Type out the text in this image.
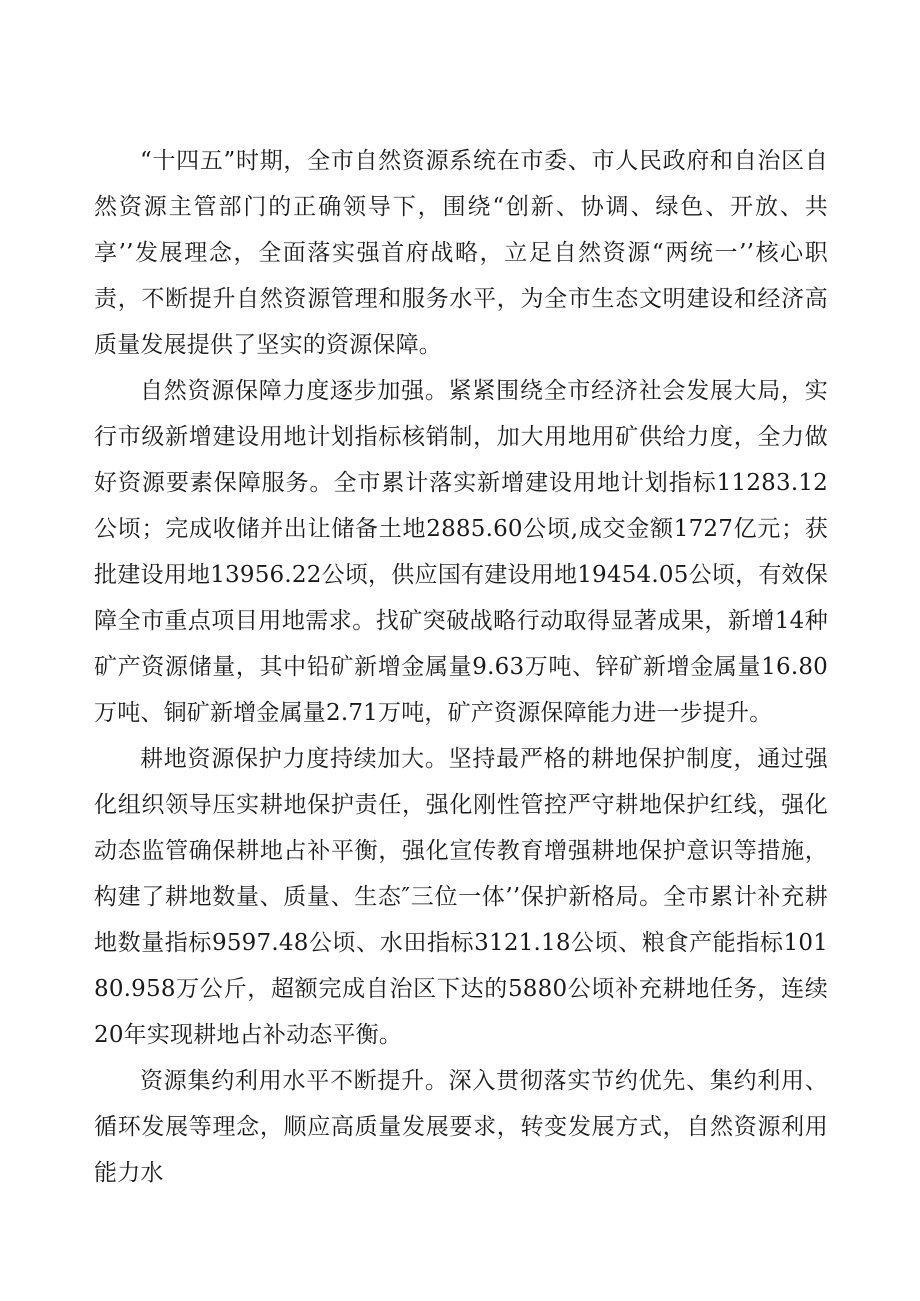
“十四五”时期，全市自然资源系统在市委、市人民政府和自治区自然资源主管部门的正确领导下，围绕“创新、协调、绿色、开放、共享’’发展理念，全面落实强首府战略，立足自然资源“两统一’’核心职责，不断提升自然资源管理和服务水平，为全市生态文明建设和经济高质量发展提供了坚实的资源保障。

自然资源保障力度逐步加强。紧紧围绕全市经济社会发展大局，实行市级新增建设用地计划指标核销制，加大用地用矿供给力度，全力做好资源要素保障服务。全市累计落实新增建设用地计划指标11283.12公顷；完成收储并出让储备土地2885.60公顷,成交金额1727亿元；获批建设用地13956.22公顷，供应国有建设用地19454.05公顷，有效保障全市重点项目用地需求。找矿突破战略行动取得显著成果，新增14种矿产资源储量，其中铅矿新增金属量9.63万吨、锌矿新增金属量16.80万吨、铜矿新增金属量2.71万吨，矿产资源保障能力进一步提升。

耕地资源保护力度持续加大。坚持最严格的耕地保护制度，通过强化组织领导压实耕地保护责任，强化刚性管控严守耕地保护红线，强化动态监管确保耕地占补平衡，强化宣传教育增强耕地保护意识等措施，构建了耕地数量、质量、生态″三位一体’’保护新格局。全市累计补充耕地数量指标9597.48公顷、水田指标3121.18公顷、粮食产能指标10180.958万公斤，超额完成自治区下达的5880公顷补充耕地任务，连续20年实现耕地占补动态平衡。

资源集约利用水平不断提升。深入贯彻落实节约优先、集约利用、循环发展等理念，顺应高质量发展要求，转变发展方式，自然资源利用能力水
